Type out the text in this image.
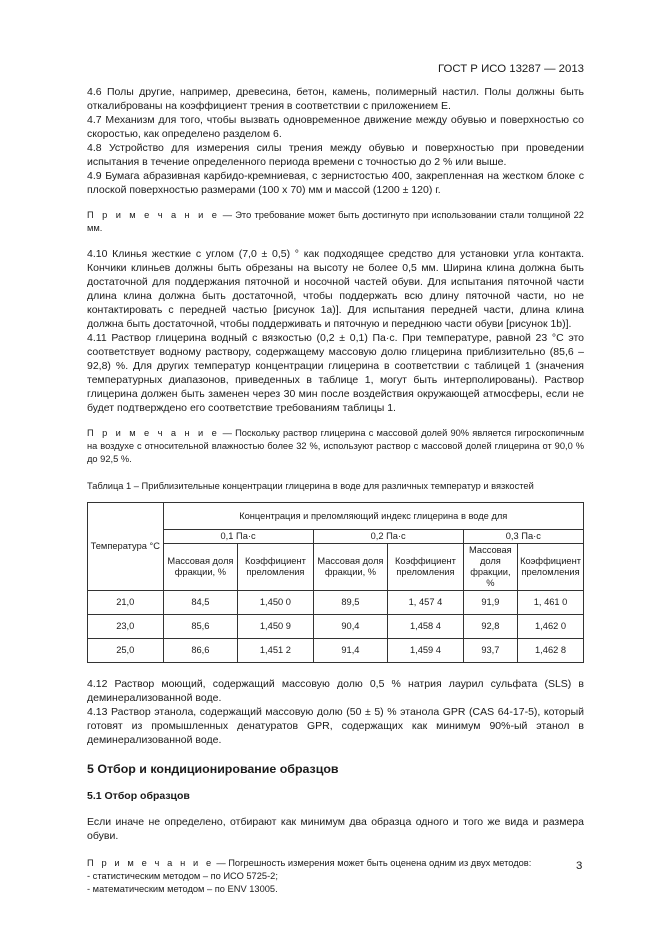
ГОСТ Р ИСО 13287 — 2013

4.6 Полы другие, например, древесина, бетон, камень, полимерный настил. Полы должны быть откалиброваны на коэффициент трения в соответствии с приложением Е.

4.7 Механизм для того, чтобы вызвать одновременное движение между обувью и поверхностью со скоростью, как определено разделом 6.

4.8 Устройство для измерения силы трения между обувью и поверхностью при проведении испытания в течение определенного периода времени с точностью до 2 % или выше.

4.9 Бумага абразивная карбидо-кремниевая, с зернистостью 400, закрепленная на жестком блоке с плоской поверхностью размерами (100 х 70) мм и массой (1200 ± 120) г.

П р и м е ч а н и е — Это требование может быть достигнуто при использовании стали толщиной 22 мм.

4.10 Клинья жесткие с углом (7,0 ± 0,5) ° как подходящее средство для установки угла контакта. Кончики клиньев должны быть обрезаны на высоту не более 0,5 мм. Ширина клина должна быть достаточной для поддержания пяточной и носочной частей обуви. Для испытания пяточной части длина клина должна быть достаточной, чтобы поддержать всю длину пяточной части, но не контактировать с передней частью [рисунок 1а)]. Для испытания передней части, длина клина должна быть достаточной, чтобы поддерживать и пяточную и переднюю части обуви [рисунок 1b)].

4.11 Раствор глицерина водный с вязкостью (0,2 ± 0,1) Па·с. При температуре, равной 23 °С это соответствует водному раствору, содержащему массовую долю глицерина приблизительно (85,6 – 92,8) %. Для других температур концентрации глицерина в соответствии с таблицей 1 (значения температурных диапазонов, приведенных в таблице 1, могут быть интерполированы). Раствор глицерина должен быть заменен через 30 мин после воздействия окружающей атмосферы, если не будет подтверждено его соответствие требованиям таблицы 1.

П р и м е ч а н и е — Поскольку раствор глицерина с массовой долей 90% является гигроскопичным на воздухе с относительной влажностью более 32 %, используют раствор с массовой долей глицерина от 90,0 % до 92,5 %.

Таблица 1 – Приблизительные концентрации глицерина в воде для различных температур и вязкостей

Температура °С	Концентрация и преломляющий индекс глицерина в воде для					
	0,1 Па·с		0,2 Па·с		0,3 Па·с	
	Массовая доля фракции, %	Коэффициент преломления	Массовая доля фракции, %	Коэффициент преломления	Массовая доля фракции, %	Коэффициент преломления
21,0	84,5	1,450 0	89,5	1, 457 4	91,9	1, 461 0
23,0	85,6	1,450 9	90,4	1,458 4	92,8	1,462 0
25,0	86,6	1,451 2	91,4	1,459 4	93,7	1,462 8

4.12 Раствор моющий, содержащий массовую долю 0,5 % натрия лаурил сульфата (SLS) в деминерализованной воде.

4.13 Раствор этанола, содержащий массовую долю (50 ± 5) % этанола GPR (CAS 64-17-5), который готовят из промышленных денатуратов GPR, содержащих как минимум 90%-ый этанол в деминерализованной воде.

5 Отбор и кондиционирование образцов

5.1 Отбор образцов

Если иначе не определено, отбирают как минимум два образца одного и того же вида и размера обуви.

П р и м е ч а н и е — Погрешность измерения может быть оценена одним из двух методов:

- статистическим методом – по ИСО 5725-2;

- математическим методом – по ENV 13005.

3
